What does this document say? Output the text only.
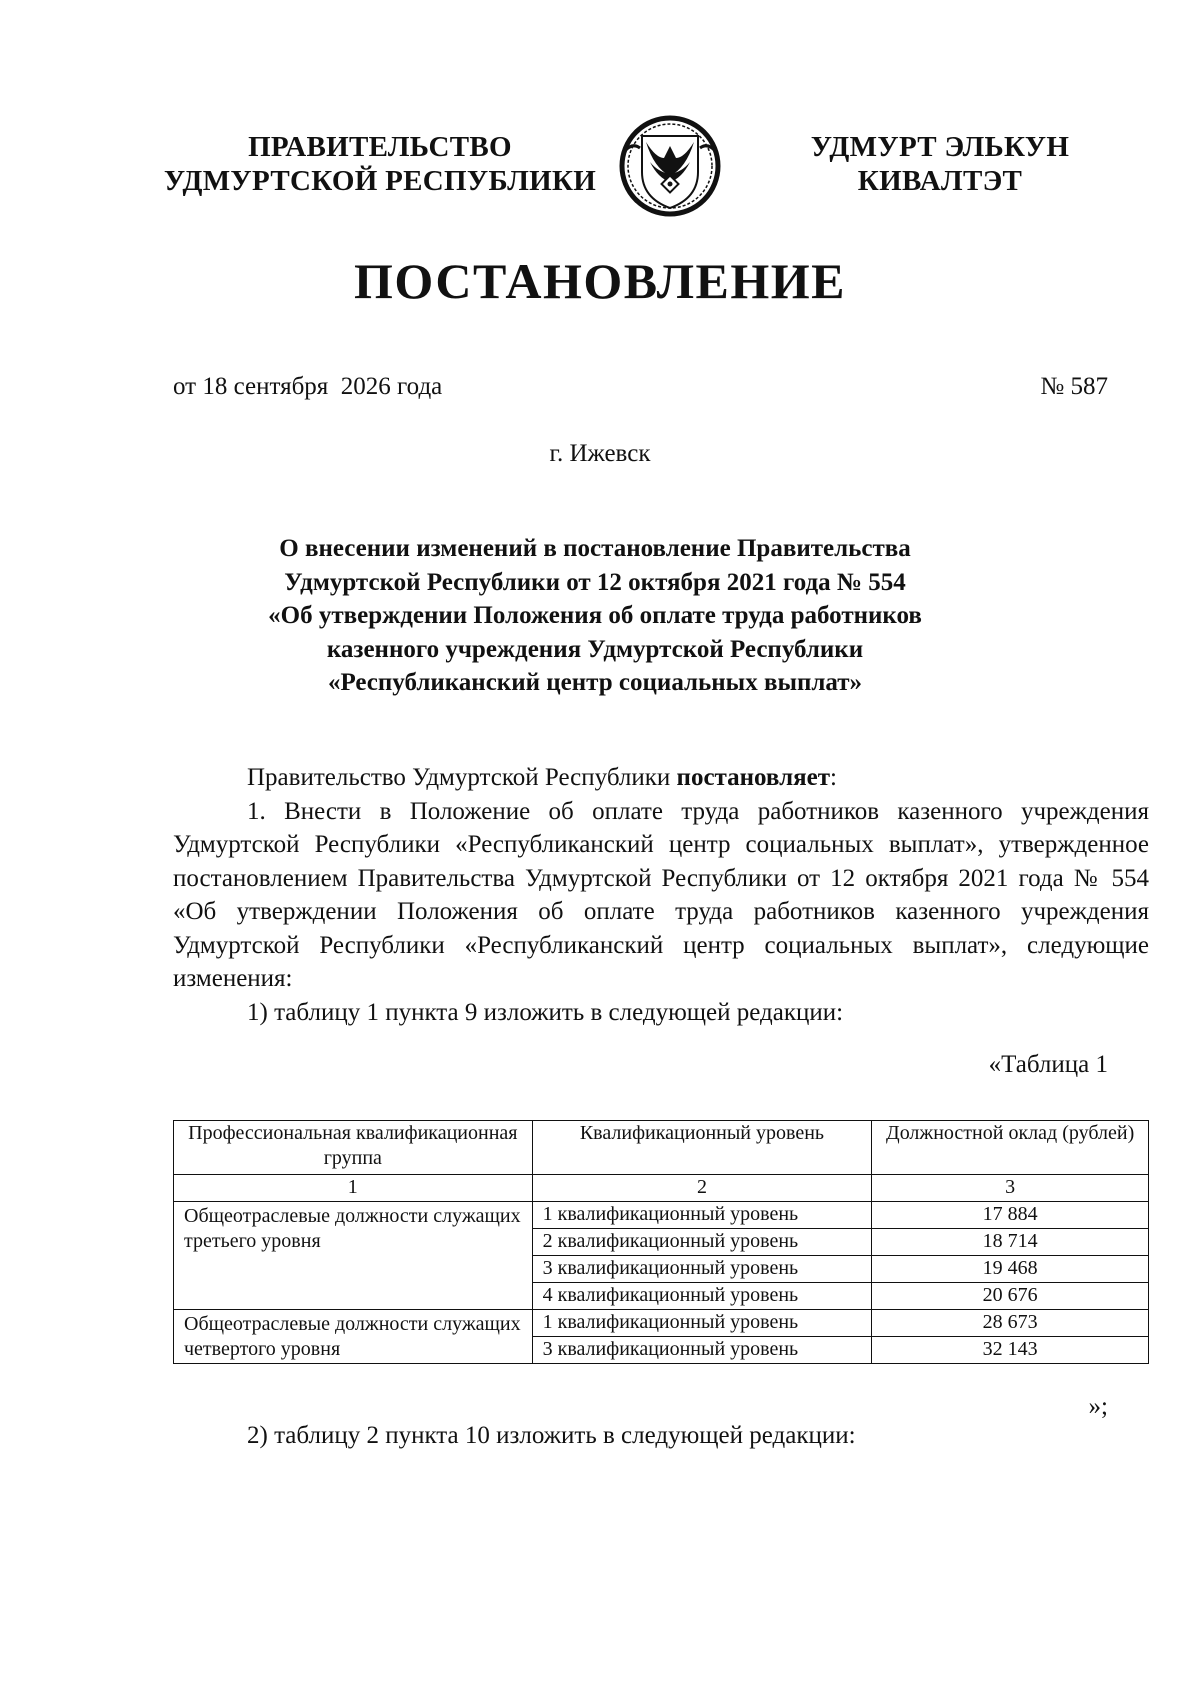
ПРАВИТЕЛЬСТВО
УДМУРТСКОЙ РЕСПУБЛИКИ
УДМУРТ ЭЛЬКУН
КИВАЛТЭТ
ПОСТАНОВЛЕНИЕ
от 18 сентября  2026 года	№ 587
г. Ижевск
О внесении изменений в постановление Правительства
Удмуртской Республики от 12 октября 2021 года № 554
«Об утверждении Положения об оплате труда работников
казенного учреждения Удмуртской Республики
«Республиканский центр социальных выплат»

Правительство Удмуртской Республики постановляет:

1. Внести в Положение об оплате труда работников казенного учреждения Удмуртской Республики «Республиканский центр социальных выплат», утвержденное постановлением Правительства Удмуртской Республики от 12 октября 2021 года № 554 «Об утверждении Положения об оплате труда работников казенного учреждения Удмуртской Республики «Республиканский центр социальных выплат», следующие изменения:

1) таблицу 1 пункта 9 изложить в следующей редакции:

«Таблица 1
Профессиональная квалификационная группа	Квалификационный уровень	Должностной оклад (рублей)
1	2	3
Общеотраслевые должности служащих третьего уровня	1 квалификационный уровень	17 884
	2 квалификационный уровень	18 714
	3 квалификационный уровень	19 468
	4 квалификационный уровень	20 676
Общеотраслевые должности служащих четвертого уровня	1 квалификационный уровень	28 673
	3 квалификационный уровень	32 143
»;
2) таблицу 2 пункта 10 изложить в следующей редакции:
